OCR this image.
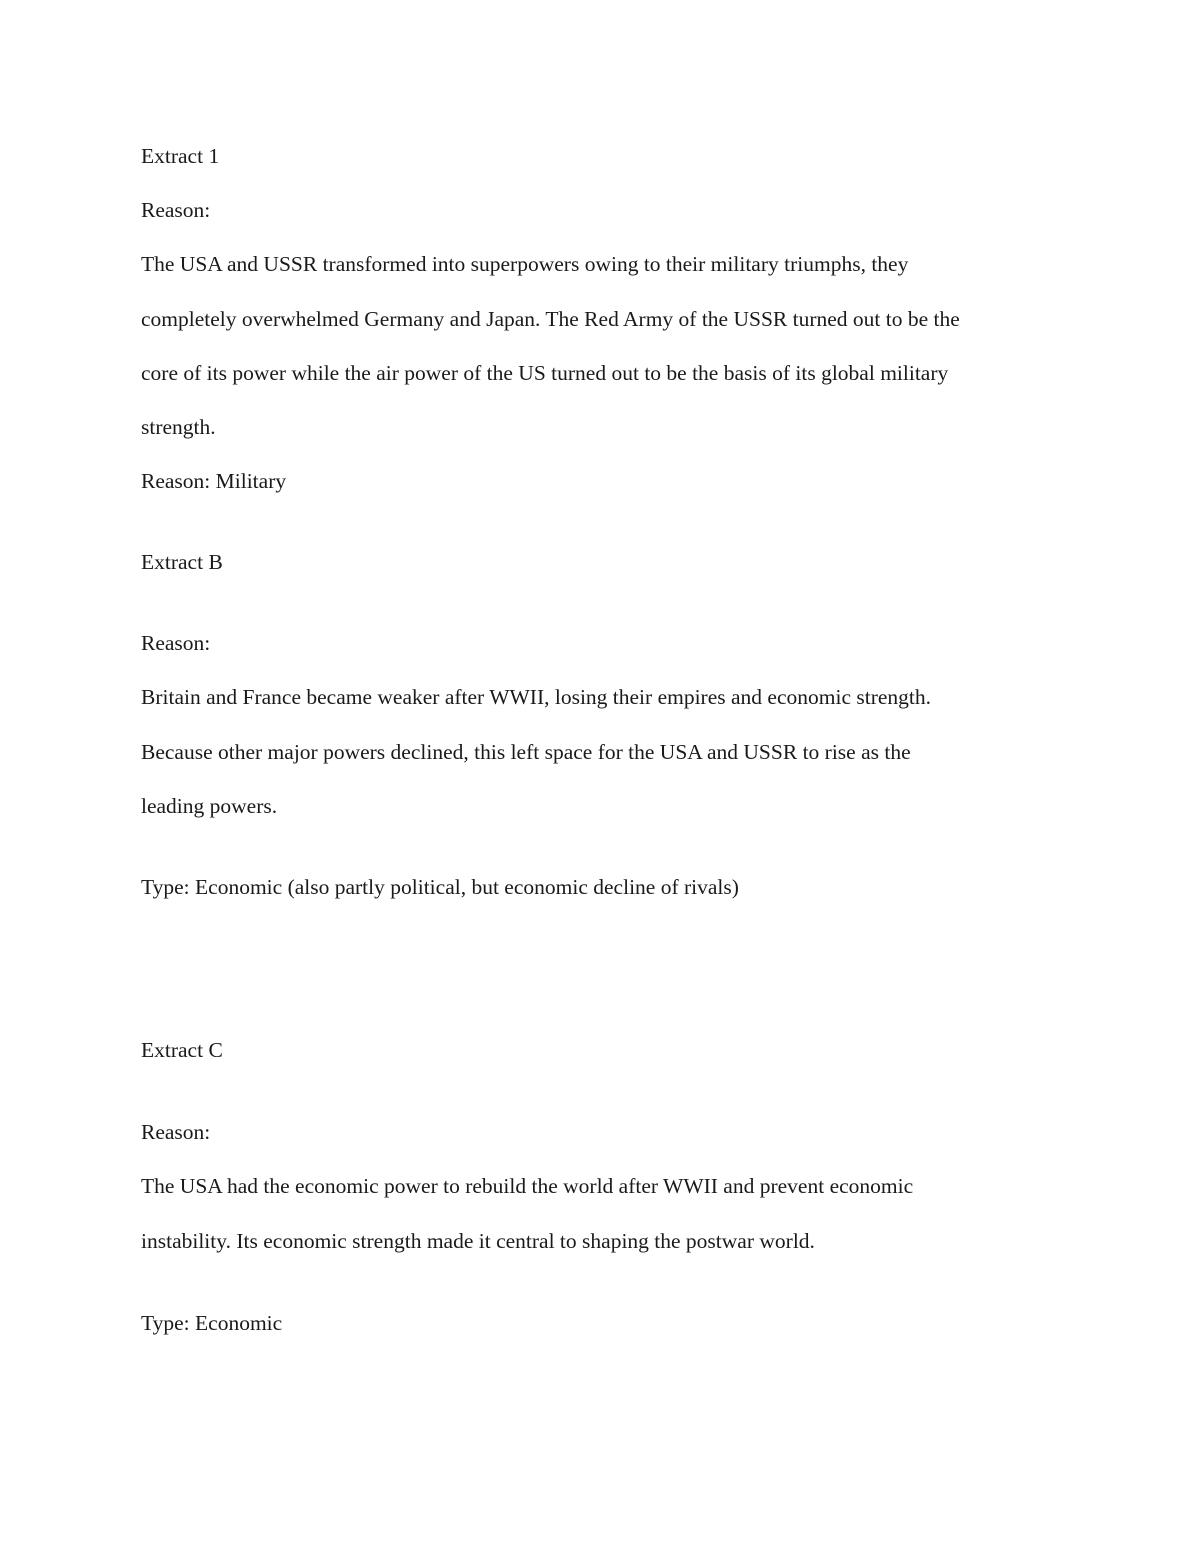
Extract 1

Reason:

The USA and USSR transformed into superpowers owing to their military triumphs, they

completely overwhelmed Germany and Japan. The Red Army of the USSR turned out to be the

core of its power while the air power of the US turned out to be the basis of its global military

strength.

Reason: Military

Extract B

Reason:

Britain and France became weaker after WWII, losing their empires and economic strength.

Because other major powers declined, this left space for the USA and USSR to rise as the

leading powers.

Type: Economic (also partly political, but economic decline of rivals)

Extract C

Reason:

The USA had the economic power to rebuild the world after WWII and prevent economic

instability. Its economic strength made it central to shaping the postwar world.

Type: Economic
